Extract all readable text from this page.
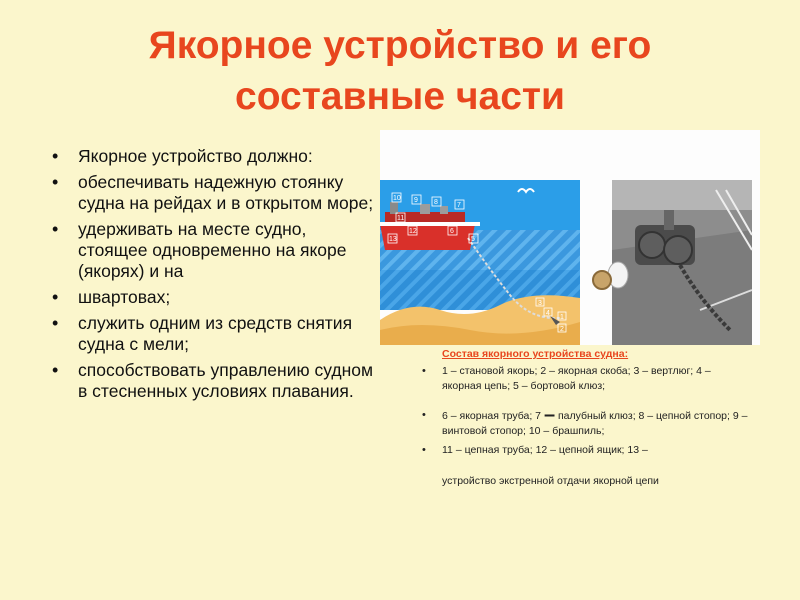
Якорное устройство и его
составные части
• Якорное устройство должно:
• обеспечивать надежную стоянку судна на рейдах и в открытом море;
• удерживать на месте судно, стоящее одновременно на якоре (якорях) и на
• швартовах;
• служить одним из средств снятия судна с мели;
• способствовать управлению судном в стесненных условиях плавания.
10 9 8	7
11
12	6
5
13
3
4
1
2
Состав якорного устройства судна:
• 1 – становой якорь; 2 – якорная скоба; 3 – вертлюг; 4 – якорная цепь; 5 – бортовой клюз;
• 6 – якорная труба; 7 – палубный клюз; 8 – цепной стопор; 9 – винтовой стопор; 10 – брашпиль;
• 11 – цепная труба; 12 – цепной ящик; 13 –
устройство экстренной отдачи якорной цепи
